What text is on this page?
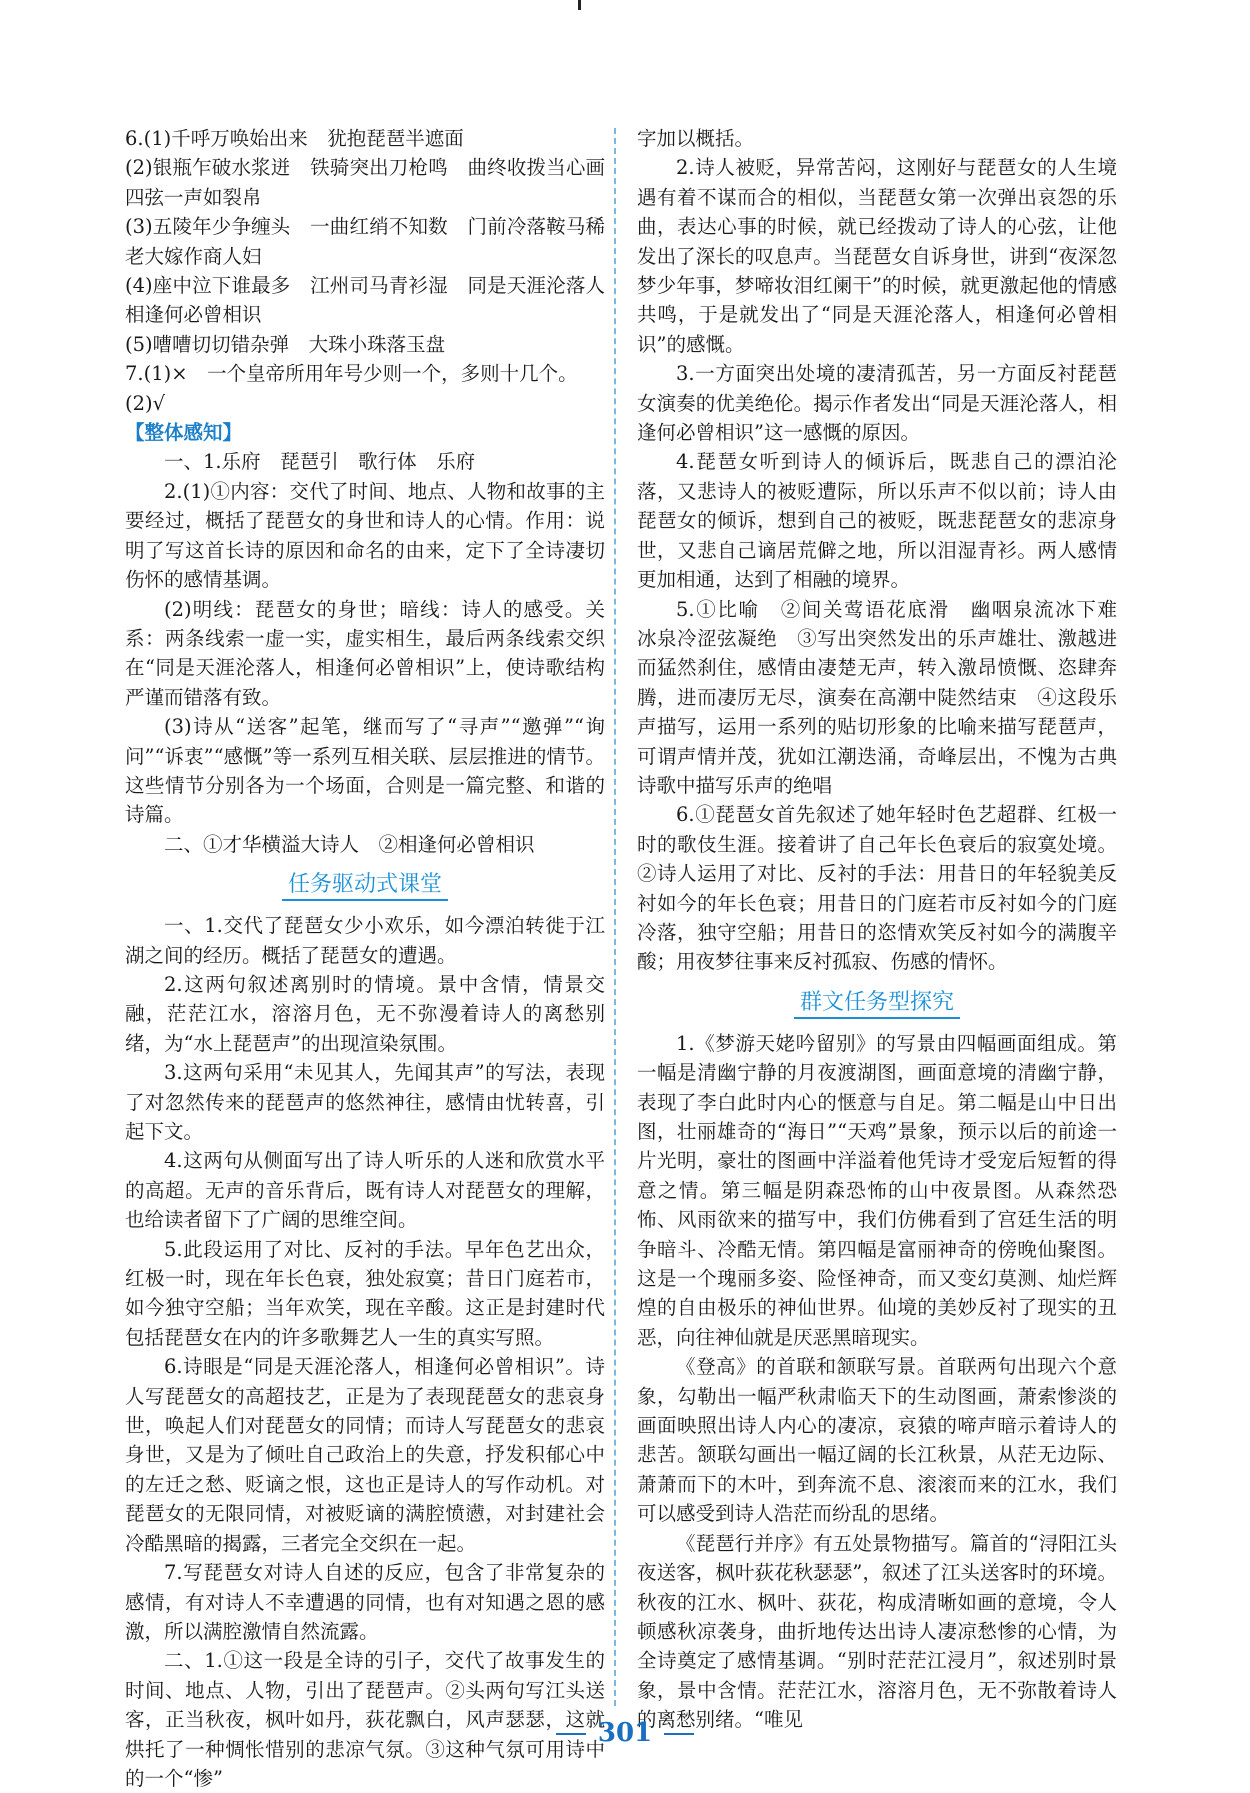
6.(1)千呼万唤始出来　犹抱琵琶半遮面

(2)银瓶乍破水浆迸　铁骑突出刀枪鸣　曲终收拨当心画　四弦一声如裂帛

(3)五陵年少争缠头　一曲红绡不知数　门前冷落鞍马稀　老大嫁作商人妇

(4)座中泣下谁最多　江州司马青衫湿　同是天涯沦落人　相逢何必曾相识

(5)嘈嘈切切错杂弹　大珠小珠落玉盘

7.(1)×　一个皇帝所用年号少则一个，多则十几个。

(2)√

【整体感知】

一、1.乐府　琵琶引　歌行体　乐府

2.(1)①内容：交代了时间、地点、人物和故事的主要经过，概括了琵琶女的身世和诗人的心情。作用：说明了写这首长诗的原因和命名的由来，定下了全诗凄切伤怀的感情基调。

(2)明线：琵琶女的身世；暗线：诗人的感受。关系：两条线索一虚一实，虚实相生，最后两条线索交织在“同是天涯沦落人，相逢何必曾相识”上，使诗歌结构严谨而错落有致。

(3)诗从“送客”起笔，继而写了“寻声”“邀弹”“询问”“诉衷”“感慨”等一系列互相关联、层层推进的情节。这些情节分别各为一个场面，合则是一篇完整、和谐的诗篇。

二、①才华横溢大诗人　②相逢何必曾相识

任务驱动式课堂

一、1.交代了琵琶女少小欢乐，如今漂泊转徙于江湖之间的经历。概括了琵琶女的遭遇。

2.这两句叙述离别时的情境。景中含情，情景交融，茫茫江水，溶溶月色，无不弥漫着诗人的离愁别绪，为“水上琵琶声”的出现渲染氛围。

3.这两句采用“未见其人，先闻其声”的写法，表现了对忽然传来的琵琶声的悠然神往，感情由忧转喜，引起下文。

4.这两句从侧面写出了诗人听乐的人迷和欣赏水平的高超。无声的音乐背后，既有诗人对琵琶女的理解，也给读者留下了广阔的思维空间。

5.此段运用了对比、反衬的手法。早年色艺出众，红极一时，现在年长色衰，独处寂寞；昔日门庭若市，如今独守空船；当年欢笑，现在辛酸。这正是封建时代包括琵琶女在内的许多歌舞艺人一生的真实写照。

6.诗眼是“同是天涯沦落人，相逢何必曾相识”。诗人写琵琶女的高超技艺，正是为了表现琵琶女的悲哀身世，唤起人们对琵琶女的同情；而诗人写琵琶女的悲哀身世，又是为了倾吐自己政治上的失意，抒发积郁心中的左迁之愁、贬谪之恨，这也正是诗人的写作动机。对琵琶女的无限同情，对被贬谪的满腔愤懑，对封建社会冷酷黑暗的揭露，三者完全交织在一起。

7.写琵琶女对诗人自述的反应，包含了非常复杂的感情，有对诗人不幸遭遇的同情，也有对知遇之恩的感激，所以满腔激情自然流露。

二、1.①这一段是全诗的引子，交代了故事发生的时间、地点、人物，引出了琵琶声。②头两句写江头送客，正当秋夜，枫叶如丹，荻花飘白，风声瑟瑟，这就烘托了一种惆怅惜别的悲凉气氛。③这种气氛可用诗中的一个“惨”

字加以概括。

2.诗人被贬，异常苦闷，这刚好与琵琶女的人生境遇有着不谋而合的相似，当琵琶女第一次弹出哀怨的乐曲，表达心事的时候，就已经拨动了诗人的心弦，让他发出了深长的叹息声。当琵琶女自诉身世，讲到“夜深忽梦少年事，梦啼妆泪红阑干”的时候，就更激起他的情感共鸣，于是就发出了“同是天涯沦落人，相逢何必曾相识”的感慨。

3.一方面突出处境的凄清孤苦，另一方面反衬琵琶女演奏的优美绝伦。揭示作者发出“同是天涯沦落人，相逢何必曾相识”这一感慨的原因。

4.琵琶女听到诗人的倾诉后，既悲自己的漂泊沦落，又悲诗人的被贬遭际，所以乐声不似以前；诗人由琵琶女的倾诉，想到自己的被贬，既悲琵琶女的悲凉身世，又悲自己谪居荒僻之地，所以泪湿青衫。两人感情更加相通，达到了相融的境界。

5.①比喻　②间关莺语花底滑　幽咽泉流冰下难　冰泉冷涩弦凝绝　③写出突然发出的乐声雄壮、激越进而猛然刹住，感情由凄楚无声，转入激昂愤慨、恣肆奔腾，进而凄厉无尽，演奏在高潮中陡然结束　④这段乐声描写，运用一系列的贴切形象的比喻来描写琵琶声，可谓声情并茂，犹如江潮迭涌，奇峰层出，不愧为古典诗歌中描写乐声的绝唱

6.①琵琶女首先叙述了她年轻时色艺超群、红极一时的歌伎生涯。接着讲了自己年长色衰后的寂寞处境。②诗人运用了对比、反衬的手法：用昔日的年轻貌美反衬如今的年长色衰；用昔日的门庭若市反衬如今的门庭冷落，独守空船；用昔日的恣情欢笑反衬如今的满腹辛酸；用夜梦往事来反衬孤寂、伤感的情怀。

群文任务型探究

1.《梦游天姥吟留别》的写景由四幅画面组成。第一幅是清幽宁静的月夜渡湖图，画面意境的清幽宁静，表现了李白此时内心的惬意与自足。第二幅是山中日出图，壮丽雄奇的“海日”“天鸡”景象，预示以后的前途一片光明，豪壮的图画中洋溢着他凭诗才受宠后短暂的得意之情。第三幅是阴森恐怖的山中夜景图。从森然恐怖、风雨欲来的描写中，我们仿佛看到了宫廷生活的明争暗斗、冷酷无情。第四幅是富丽神奇的傍晚仙聚图。这是一个瑰丽多姿、险怪神奇，而又变幻莫测、灿烂辉煌的自由极乐的神仙世界。仙境的美妙反衬了现实的丑恶，向往神仙就是厌恶黑暗现实。

《登高》的首联和颔联写景。首联两句出现六个意象，勾勒出一幅严秋肃临天下的生动图画，萧索惨淡的画面映照出诗人内心的凄凉，哀猿的啼声暗示着诗人的悲苦。颔联勾画出一幅辽阔的长江秋景，从茫无边际、萧萧而下的木叶，到奔流不息、滚滚而来的江水，我们可以感受到诗人浩茫而纷乱的思绪。

《琵琶行并序》有五处景物描写。篇首的“浔阳江头夜送客，枫叶荻花秋瑟瑟”，叙述了江头送客时的环境。秋夜的江水、枫叶、荻花，构成清晰如画的意境，令人顿感秋凉袭身，曲折地传达出诗人凄凉愁惨的心情，为全诗奠定了感情基调。“别时茫茫江浸月”，叙述别时景象，景中含情。茫茫江水，溶溶月色，无不弥散着诗人的离愁别绪。“唯见

301
